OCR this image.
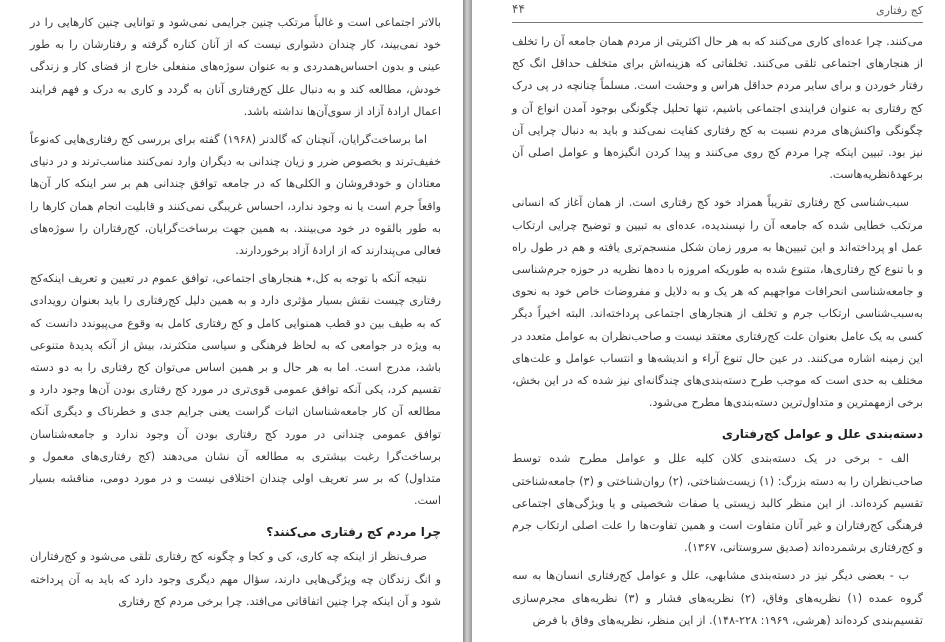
بالاتر اجتماعی است و غالباً مرتکب چنین جرایمی نمی‌شود و توانایی چنین کارهایی را در خود نمی‌بیند، کار چندان دشواری نیست که از آنان کناره گرفته و رفتارشان را به طور عینی و بدون احساس‌همدردی و به عنوان سوژه‌های منفعلی خارج از فضای کار و زندگی خودش، مطالعه کند و به دنبال علل کج‌رفتاری آنان به گردد و کاری به درک و فهم فرایند اعمال ارادهٔ آزاد از سوی‌آن‌ها نداشته باشد.

اما برساخت‌گرایان، آنچنان که گالدنر (۱۹۶۸) گفته برای بررسی کج رفتاری‌هایی که‌نوعاً خفیف‌ترند و بخصوص ضرر و زیان چندانی به دیگران وارد نمی‌کنند مناسب‌ترند و در دنیای معتادان و خودفروشان و الکلی‌ها که در جامعه توافق چندانی هم بر سر اینکه کار آن‌ها واقعاً جرم است یا نه وجود ندارد، احساس غریبگی نمی‌کنند و قابلیت انجام همان کارها را به طور بالقوه در خود می‌بینند. به همین جهت برساخت‌گرایان، کج‌رفتاران را سوژه‌های فعالی می‌پندارند که از ارادهٔ آزاد برخوردارند.

نتیجه آنکه با توجه به کل،٭ هنجارهای اجتماعی، توافق عموم در تعیین و تعریف اینکه‌کج رفتاری چیست نقش بسیار مؤثری دارد و به همین دلیل کج‌رفتاری را باید بعنوان رویدادی که به طیف بین دو قطب همنوایی کامل و کج رفتاری کامل به وقوع می‌پیوندد دانست که به ویژه در جوامعی که به لحاظ فرهنگی و سیاسی متکثرند، بیش از آنکه پدیدهٔ متنوعی باشد، مدرج است. اما به هر حال و بر همین اساس می‌توان کج رفتاری را به دو دسته تقسیم کرد، یکی آنکه توافق عمومی قوی‌تری در مورد کج رفتاری بودن آن‌ها وجود دارد و مطالعه آن کار جامعه‌شناسان اثبات گراست یعنی جرایم جدی و خطرناک و دیگری آنکه توافق عمومی چندانی در مورد کج رفتاری بودن آن وجود ندارد و جامعه‌شناسان برساخت‌گرا رغبت بیشتری به مطالعه آن نشان می‌دهند (کج رفتاری‌های معمول و متداول) که بر سر تعریف اولی چندان اختلافی نیست و در مورد دومی، مناقشه بسیار است.

چرا مردم کج رفتاری می‌کنند؟

صرف‌نظر از اینکه چه کاری، کی و کجا و چگونه کج رفتاری تلقی می‌شود و کج‌رفتاران و انگ زندگان چه ویژگی‌هایی دارند، سؤال مهم دیگری وجود دارد که باید به آن پرداخته شود و آن اینکه چرا چنین اتفاقاتی می‌افتد. چرا برخی مردم کج رفتاری

کج رفتاری
۴۴

می‌کنند. چرا عده‌ای کاری می‌کنند که به هر حال اکثریتی از مردم همان جامعه آن را تخلف از هنجارهای اجتماعی تلقی می‌کنند. تخلفاتی که هزینه‌اش برای متخلف حداقل انگ کج رفتار خوردن و برای سایر مردم حداقل هراس و وحشت است. مسلماً چنانچه در پی درک کج رفتاری به عنوان فرایندی اجتماعی باشیم، تنها تحلیل چگونگی بوجود آمدن انواع آن و چگونگی واکنش‌های مردم نسبت به کج رفتاری کفایت نمی‌کند و باید به دنبال چرایی آن نیز بود. تبیین اینکه چرا مردم کج روی می‌کنند و پیدا کردن انگیزه‌ها و عوامل اصلی آن برعهدهٔ‌نظریه‌هاست.

سبب‌شناسی کج رفتاری تقریباً همزاد خود کج رفتاری است. از همان آغاز که انسانی مرتکب خطایی شده که جامعه آن را نپسندیده، عده‌ای به تبیین و توضیح چرایی ارتکاب عمل او پرداخته‌اند و این تبیین‌ها به مرور زمان شکل منسجم‌تری یافته و هم در طول راه و با تنوع کج رفتاری‌ها، متنوع شده به طوریکه امروزه با ده‌ها نظریه در حوزه جرم‌شناسی و جامعه‌شناسی انحرافات مواجهیم که هر یک و به دلایل و مفروضات خاص خود به نحوی به‌سبب‌شناسی ارتکاب جرم و تخلف از هنجارهای اجتماعی پرداخته‌اند. البته اخیراً دیگر کسی به یک عامل بعنوان علت کج‌رفتاری معتقد نیست و صاحب‌نظران به عوامل متعدد در این زمینه اشاره می‌کنند. در عین حال تنوع آراء و اندیشه‌ها و انتساب عوامل و علت‌های مختلف به حدی است که موجب طرح دسته‌بندی‌های چندگانه‌ای نیز شده که در این بخش، برخی ازمهمترین و متداول‌ترین دسته‌بندی‌ها مطرح می‌شود.

دسته‌بندی علل و عوامل کج‌رفتاری

الف - برخی در یک دسته‌بندی کلان کلیه علل و عوامل مطرح شده توسط صاحب‌نظران را به دسته بزرگ: (۱) زیست‌شناختی، (۲) روان‌شناختی و (۳) جامعه‌شناختی تقسیم کرده‌اند. از این منظر کالبد زیستی یا صفات شخصیتی و یا ویژگی‌های اجتماعی فرهنگی کج‌رفتاران و غیر آنان متفاوت است و همین تفاوت‌ها را علت اصلی ارتکاب جرم و کج‌رفتاری برشمرده‌اند (صدیق سروستانی، ۱۳۶۷).

ب - بعضی دیگر نیز در دسته‌بندی مشابهی، علل و عوامل کج‌رفتاری انسان‌ها به سه گروه عمده (۱) نظریه‌های وفاق، (۲) نظریه‌های فشار و (۳) نظریه‌های مجرم‌سازی تقسیم‌بندی کرده‌اند (هرشی، ۱۹۶۹: ۲۲۸-۱۴۸). از این منظر، نظریه‌های وفاق با فرض
